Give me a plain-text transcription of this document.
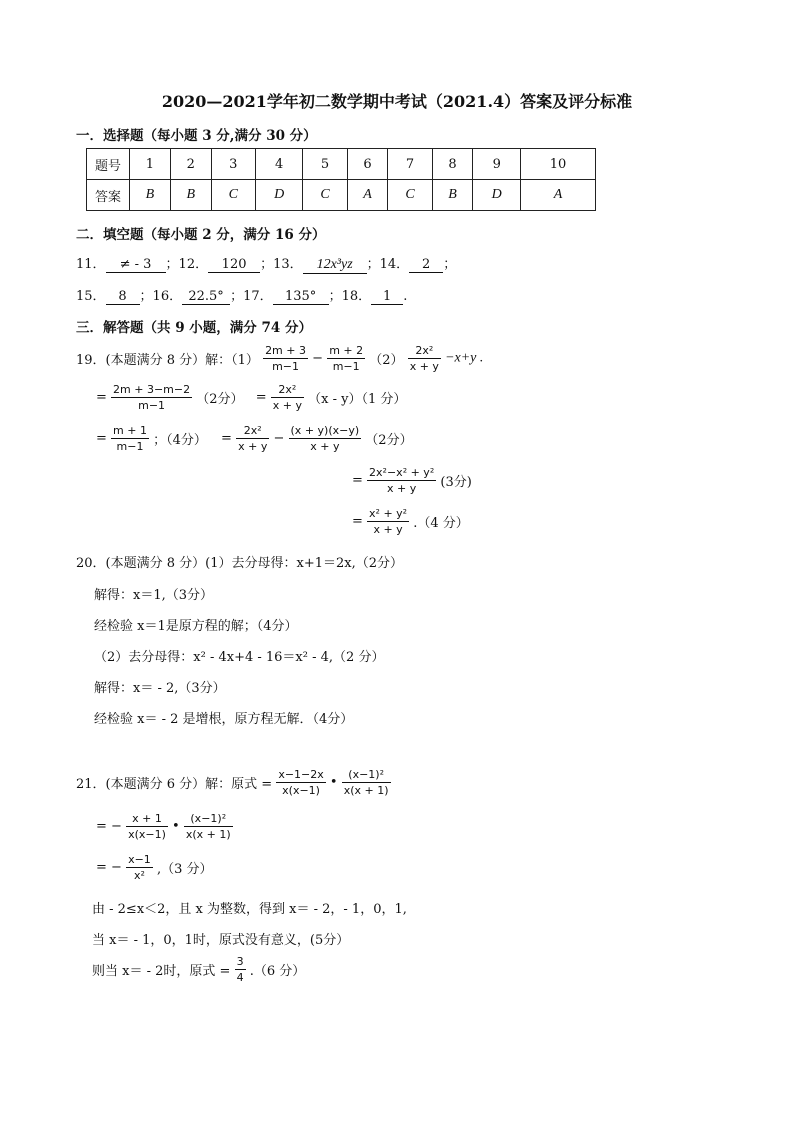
2020—2021学年初二数学期中考试（2021.4）答案及评分标准
一．选择题（每小题 3 分,满分 30 分）
题号	1	2	3	4	5	6	7	8	9	10
答案	B	B	C	D	C	A	C	B	D	A
二．填空题（每小题 2 分，满分 16 分）
11． ≠ - 3 ；12． 120 ；13． 12x³yz ；14． 2 ；
15． 8 ；16． 22.5° ；17． 135° ；18． 1 .
三．解答题（共 9 小题，满分 74 分）
19．(本题满分 8 分）解：$(1) \frac{2m + 3}{m-1} - \frac{m + 2}{m-1} (2) \frac{\text{2x²}}{x + y} -x+y$ .
= $\frac{2m + 3-m-2}{m-1} (2$分） = $\frac{\text{2x²}}{x + y} (x - y)(1$ 分）
= $\frac{m + 1}{m-1}$ ；（4分） = $\frac{\text{2x²}}{x + y} - \frac{(x + y)(x-y)}{x + y} (2$分）
= $\frac{\text{2x²−x² + y²}}{x + y} (3$分)
= $\frac{\text{x² + y²}}{x + y} .(4$ 分）
20．(本题满分 8 分）(1）去分母得：x+1＝2x,（2分）
解得：x＝1,（3分）
经检验 x＝1是原方程的解；（4分）
（2）去分母得：x² - 4x+4 - 16＝x² - 4,（2 分）
解得：x＝ - 2,（3分）
经检验 x＝ - 2 是增根，原方程无解．（4分）
21．(本题满分 6 分）解：原式 = $\frac{x-1-2x}{x(x-1)}$ • $\frac{\text{(x−1)²}}{x(x + 1)}$
= − $\frac{x + 1}{x(x-1)}$ • $\frac{\text{(x−1)²}}{x(x + 1)}$
= − $\frac{x-1}{\text{x²}} ,(3$ 分）
由 - 2≤x＜2，且 x 为整数，得到 x＝ - 2，- 1，0，1,
当 x＝ - 1，0，1时，原式没有意义，(5分）
则当 x＝ - 2时，原式 = $\frac{3}{4} .(6$ 分）
